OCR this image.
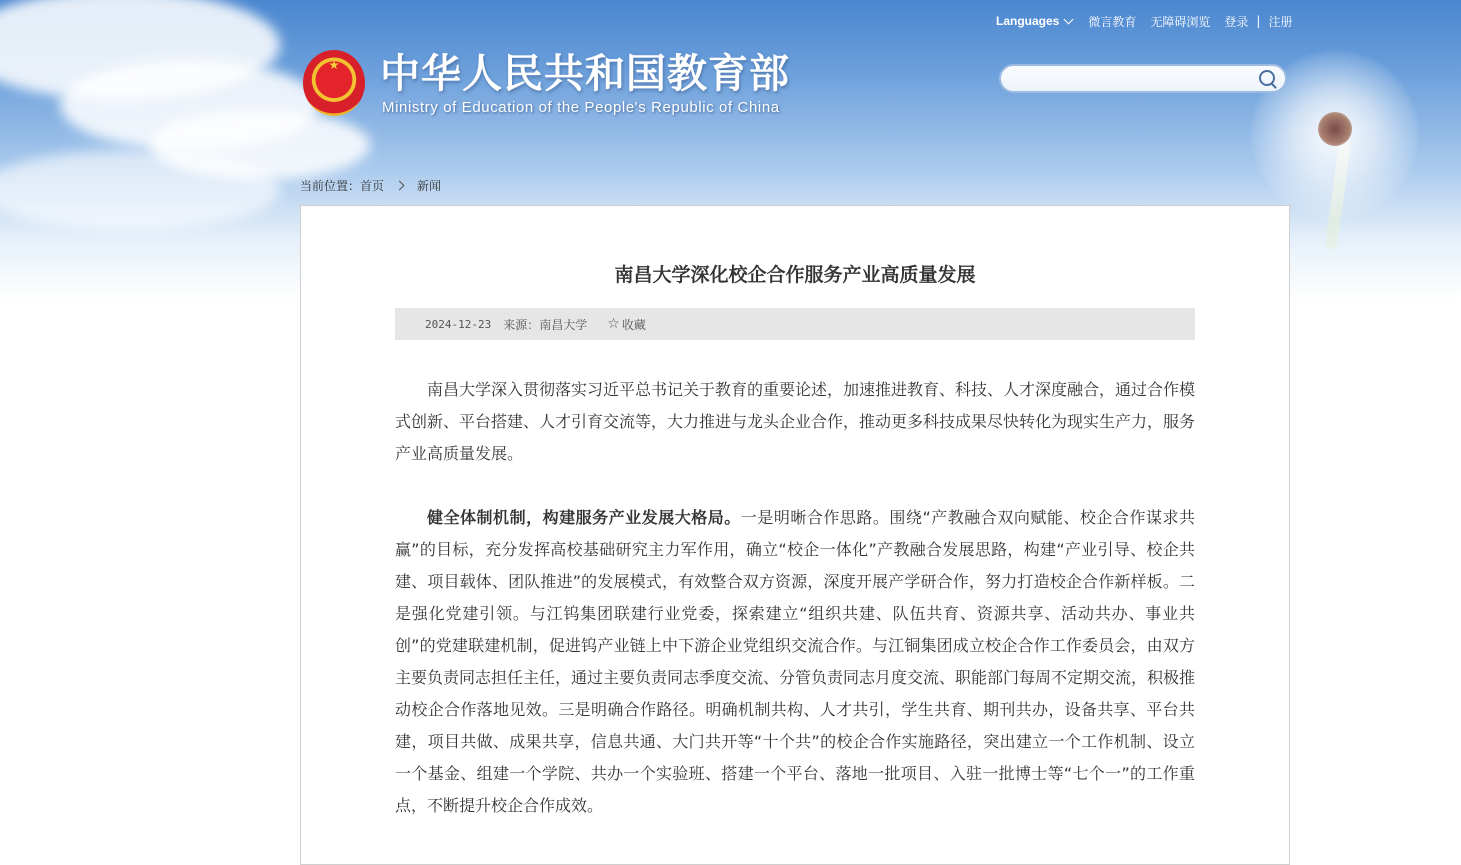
Languages 微言教育 无障碍浏览 登录 | 注册
中华人民共和国教育部
Ministry of Education of the People's Republic of China
当前位置： 首页	新闻
南昌大学深化校企合作服务产业高质量发展
2024-12-23 来源：南昌大学 ☆ 收藏

南昌大学深入贯彻落实习近平总书记关于教育的重要论述，加速推进教育、科技、人才深度融合，通过合作模式创新、平台搭建、人才引育交流等，大力推进与龙头企业合作，推动更多科技成果尽快转化为现实生产力，服务产业高质量发展。

健全体制机制，构建服务产业发展大格局。一是明晰合作思路。围绕“产教融合双向赋能、校企合作谋求共赢”的目标，充分发挥高校基础研究主力军作用，确立“校企一体化”产教融合发展思路，构建“产业引导、校企共建、项目载体、团队推进”的发展模式，有效整合双方资源，深度开展产学研合作，努力打造校企合作新样板。二是强化党建引领。与江钨集团联建行业党委，探索建立“组织共建、队伍共育、资源共享、活动共办、事业共创”的党建联建机制，促进钨产业链上中下游企业党组织交流合作。与江铜集团成立校企合作工作委员会，由双方主要负责同志担任主任，通过主要负责同志季度交流、分管负责同志月度交流、职能部门每周不定期交流，积极推动校企合作落地见效。三是明确合作路径。明确机制共构、人才共引，学生共育、期刊共办，设备共享、平台共建，项目共做、成果共享，信息共通、大门共开等“十个共”的校企合作实施路径，突出建立一个工作机制、设立一个基金、组建一个学院、共办一个实验班、搭建一个平台、落地一批项目、入驻一批博士等“七个一”的工作重点，不断提升校企合作成效。
